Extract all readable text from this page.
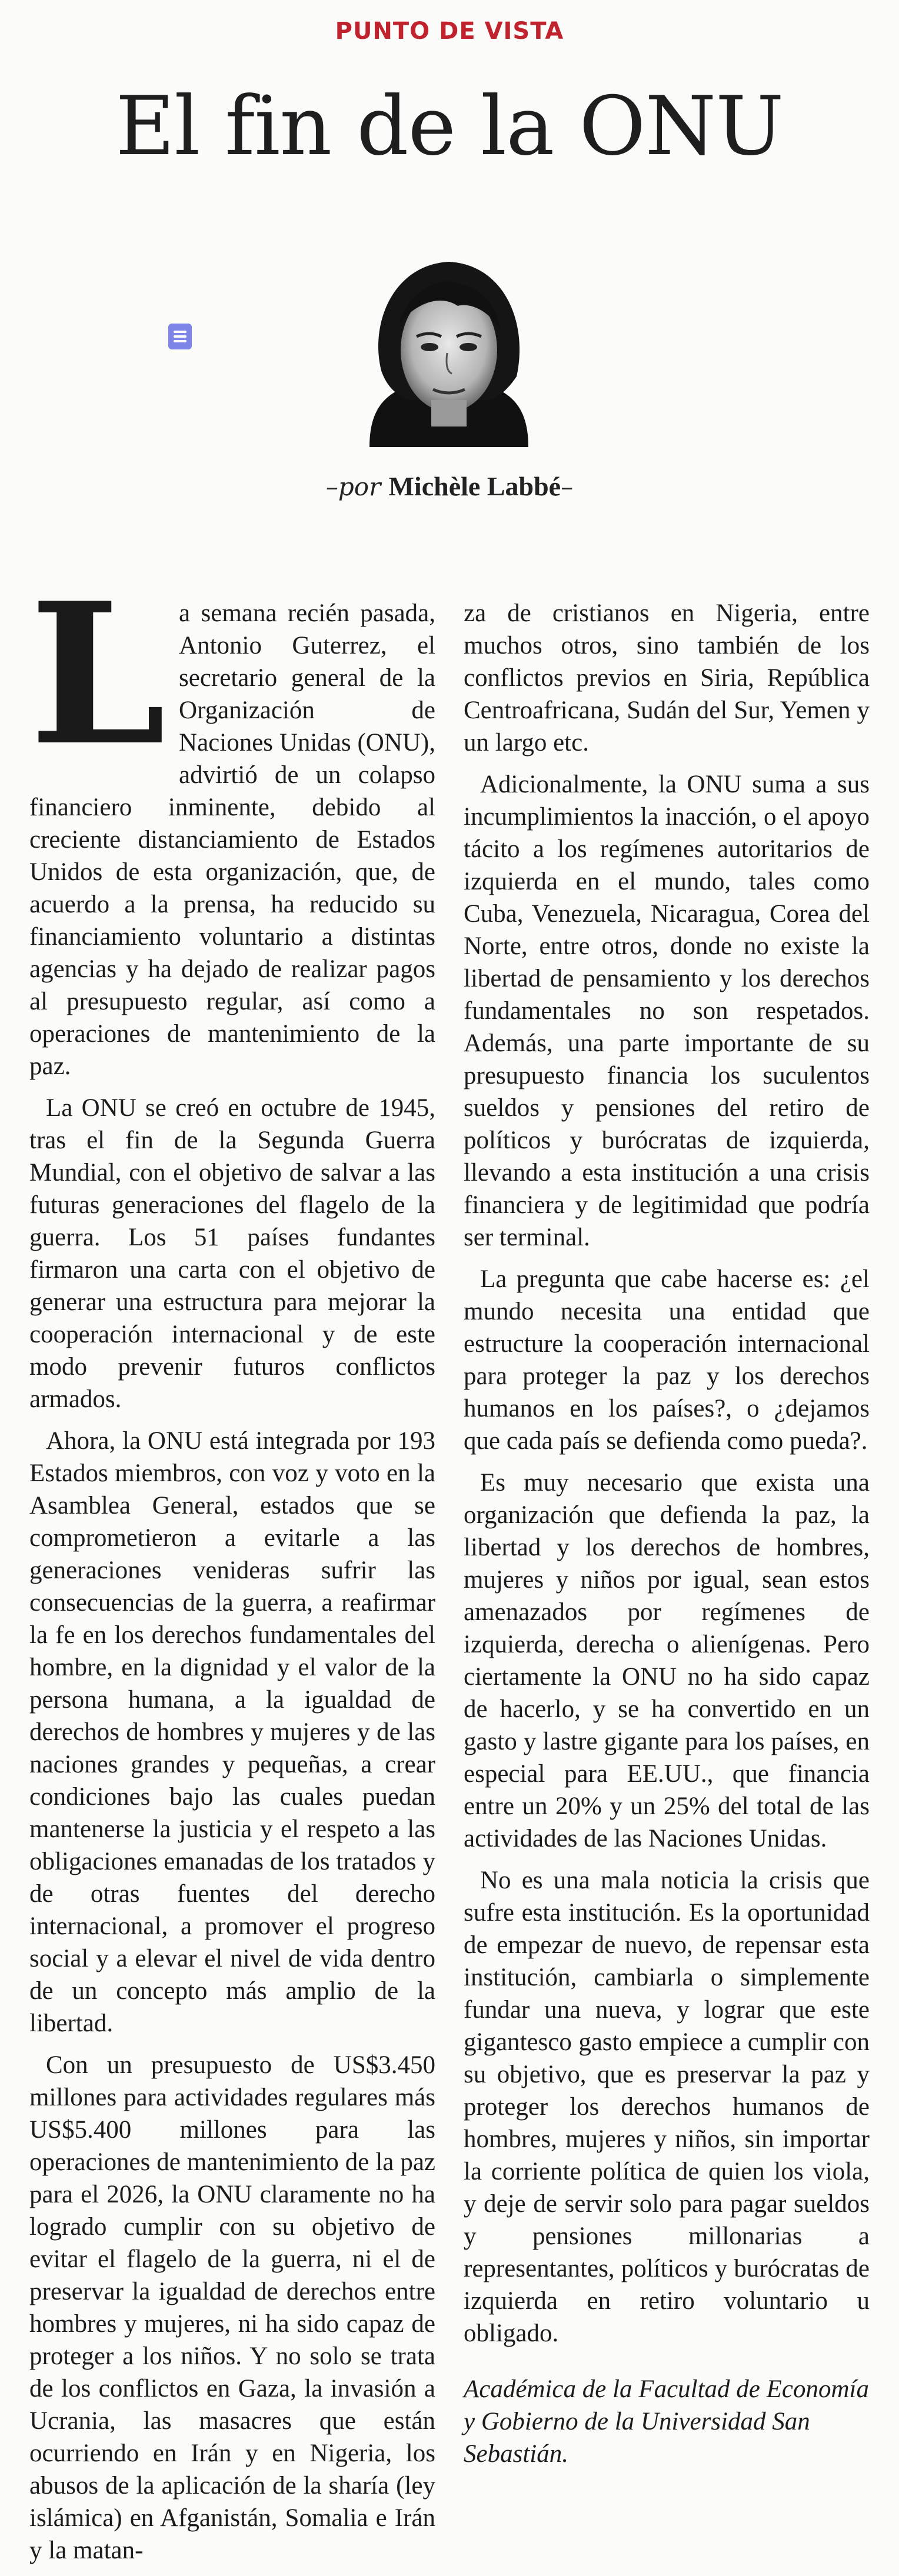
PUNTO DE VISTA
El fin de la ONU
–por Michèle Labbé–

La semana recién pasada, Antonio Guterrez, el secretario general de la Organización de Naciones Unidas (ONU), advirtió de un colapso financiero inminente, debido al creciente distanciamiento de Estados Unidos de esta organización, que, de acuerdo a la prensa, ha reducido su financiamiento voluntario a distintas agencias y ha dejado de realizar pagos al presupuesto regular, así como a operaciones de mantenimiento de la paz.

La ONU se creó en octubre de 1945, tras el fin de la Segunda Guerra Mundial, con el objetivo de salvar a las futuras generaciones del flagelo de la guerra. Los 51 países fundantes firmaron una carta con el objetivo de generar una estructura para mejorar la cooperación internacional y de este modo prevenir futuros conflictos armados.

Ahora, la ONU está integrada por 193 Estados miembros, con voz y voto en la Asamblea General, estados que se comprometieron a evitarle a las generaciones venideras sufrir las consecuencias de la guerra, a reafirmar la fe en los derechos fundamentales del hombre, en la dignidad y el valor de la persona humana, a la igualdad de derechos de hombres y mujeres y de las naciones grandes y pequeñas, a crear condiciones bajo las cuales puedan mantenerse la justicia y el respeto a las obligaciones emanadas de los tratados y de otras fuentes del derecho internacional, a promover el progreso social y a elevar el nivel de vida dentro de un concepto más amplio de la libertad.

Con un presupuesto de US$3.450 millones para actividades regulares más US$5.400 millones para las operaciones de mantenimiento de la paz para el 2026, la ONU claramente no ha logrado cumplir con su objetivo de evitar el flagelo de la guerra, ni el de preservar la igualdad de derechos entre hombres y mujeres, ni ha sido capaz de proteger a los niños. Y no solo se trata de los conflictos en Gaza, la invasión a Ucrania, las masacres que están ocurriendo en Irán y en Nigeria, los abusos de la aplicación de la sharía (ley islámica) en Afganistán, Somalia e Irán y la matan-

za de cristianos en Nigeria, entre muchos otros, sino también de los conflictos previos en Siria, República Centroafricana, Sudán del Sur, Yemen y un largo etc.

Adicionalmente, la ONU suma a sus incumplimientos la inacción, o el apoyo tácito a los regímenes autoritarios de izquierda en el mundo, tales como Cuba, Venezuela, Nicaragua, Corea del Norte, entre otros, donde no existe la libertad de pensamiento y los derechos fundamentales no son respetados. Además, una parte importante de su presupuesto financia los suculentos sueldos y pensiones del retiro de políticos y burócratas de izquierda, llevando a esta institución a una crisis financiera y de legitimidad que podría ser terminal.

La pregunta que cabe hacerse es: ¿el mundo necesita una entidad que estructure la cooperación internacional para proteger la paz y los derechos humanos en los países?, o ¿dejamos que cada país se defienda como pueda?.

Es muy necesario que exista una organización que defienda la paz, la libertad y los derechos de hombres, mujeres y niños por igual, sean estos amenazados por regímenes de izquierda, derecha o alienígenas. Pero ciertamente la ONU no ha sido capaz de hacerlo, y se ha convertido en un gasto y lastre gigante para los países, en especial para EE.UU., que financia entre un 20% y un 25% del total de las actividades de las Naciones Unidas.

No es una mala noticia la crisis que sufre esta institución. Es la oportunidad de empezar de nuevo, de repensar esta institución, cambiarla o simplemente fundar una nueva, y lograr que este gigantesco gasto empiece a cumplir con su objetivo, que es preservar la paz y proteger los derechos humanos de hombres, mujeres y niños, sin importar la corriente política de quien los viola, y deje de servir solo para pagar sueldos y pensiones millonarias a representantes, políticos y burócratas de izquierda en retiro voluntario u obligado.

Académica de la Facultad de Economía y Gobierno de la Universidad San Sebastián.
